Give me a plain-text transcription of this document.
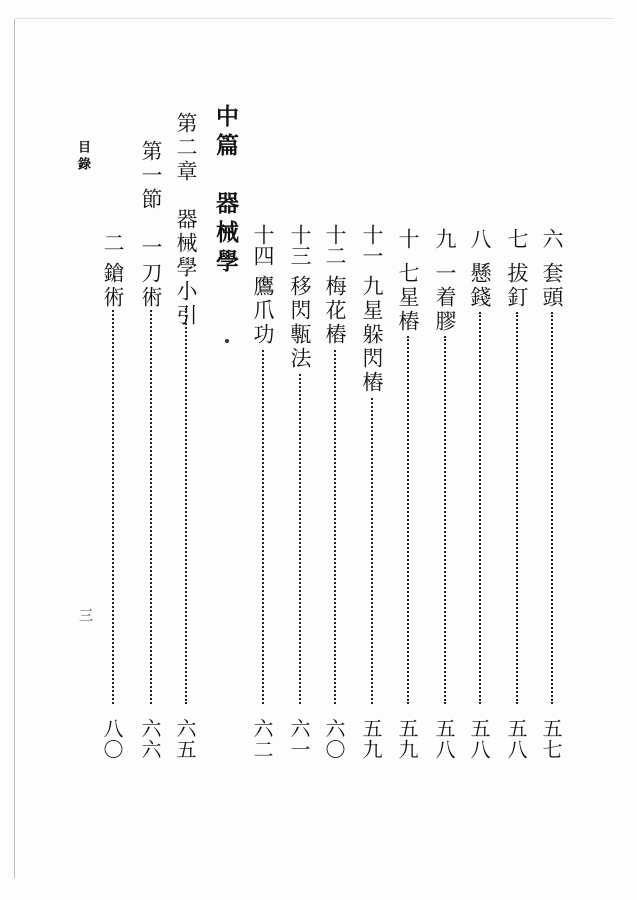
目錄
三
六
套頭
五七
七
拔釘
五八
八
懸錢
五八
九
一着膠
五八
十
七星樁
五九
十一
九星躲閃樁
五九
十二
梅花樁
六〇
十三
移閃甎法
六一
十四
鷹爪功
六二
中篇　器械學
第二章　器械學小引
六五
第一節
一
刀術
六六
二
鎗術
八〇
